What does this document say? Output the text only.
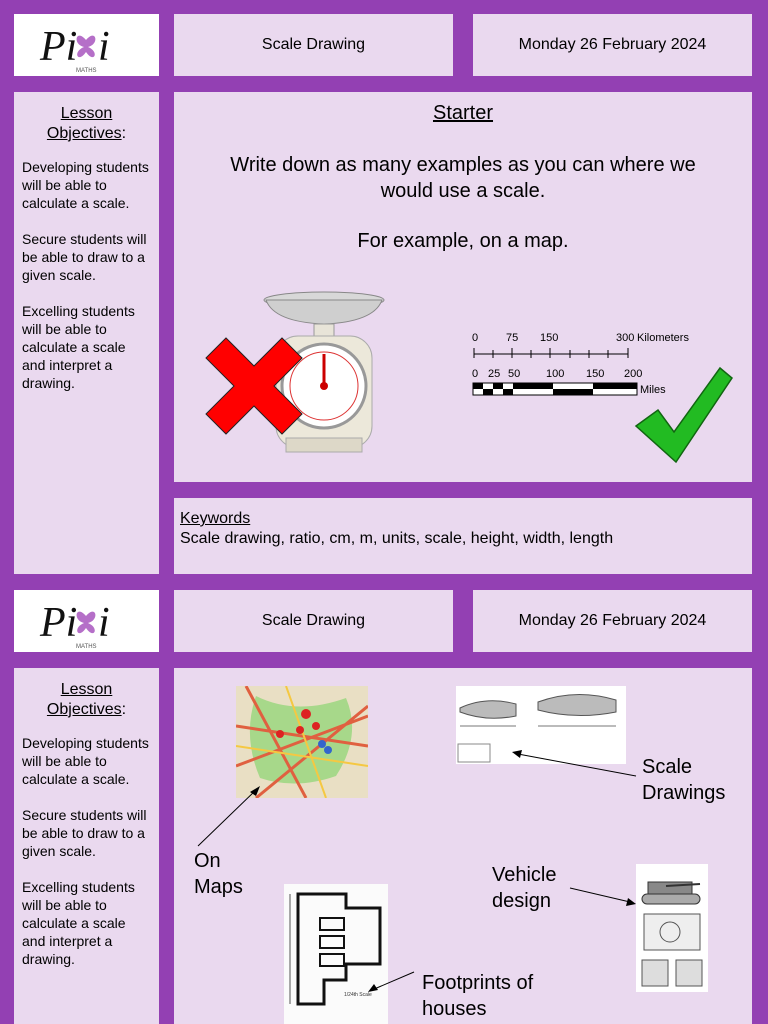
Pi i
MATHS
Scale Drawing	Monday 26 February 2024
Lesson
Objectives:

Developing students will be able to calculate a scale.

Secure students will be able to draw to a given scale.

Excelling students will be able to calculate a scale and interpret a drawing.

Starter
Write down as many examples as you can where we would use a scale.
For example, on a map.
0	75 150	300 Kilometers
0 25 50 100 150 200
Miles
Keywords
Scale drawing, ratio, cm, m, units, scale, height, width, length
Pi i
MATHS
Scale Drawing	Monday 26 February 2024
Lesson
Objectives:

Developing students will be able to calculate a scale.

Secure students will be able to draw to a given scale.

Excelling students will be able to calculate a scale and interpret a drawing.

On
Maps
Scale
Drawings
1/24th Scale
Footprints of
houses
Vehicle
design
